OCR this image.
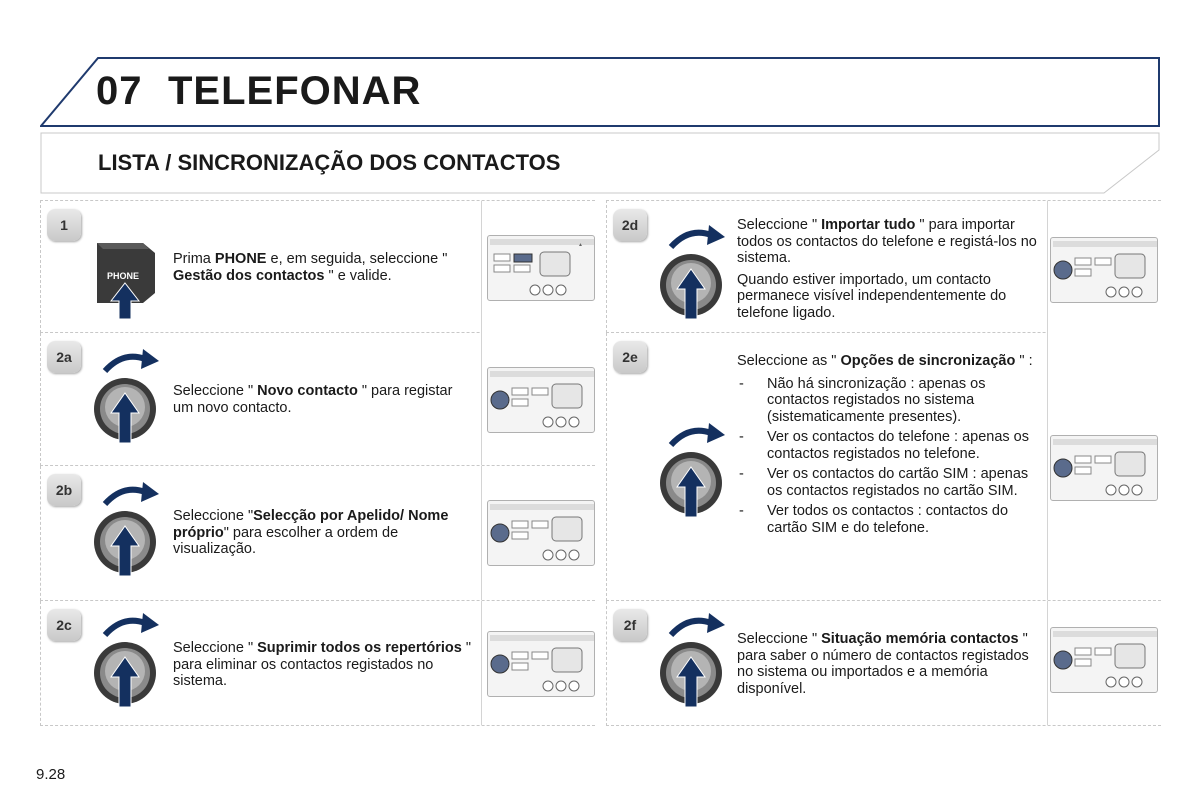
07 TELEFONAR
LISTA / SINCRONIZAÇÃO DOS CONTACTOS
1
PHONE
Prima PHONE e, em seguida, seleccione " Gestão dos contactos " e valide.
▲
2a
Seleccione " Novo contacto " para registar um novo contacto.
2b
Seleccione "Selecção por Apelido/ Nome próprio" para escolher a ordem de visualização.
2c
Seleccione " Suprimir todos os repertórios " para eliminar os contactos registados no sistema.
2d	Seleccione " Importar tudo " para importar todos os contactos do telefone e registá-los no sistema.

Quando estiver importado, um contacto permanece visível independentemente do telefone ligado.

2e	Seleccione as " Opções de sincronização " :

- Não há sincronização : apenas os contactos registados no sistema (sistematicamente presentes).
- Ver os contactos do telefone : apenas os contactos registados no telefone.
- Ver os contactos do cartão SIM : apenas os contactos registados no cartão SIM.
- Ver todos os contactos : contactos do cartão SIM e do telefone.
2f
Seleccione " Situação memória contactos " para saber o número de contactos registados no sistema ou importados e a memória disponível.
9.28
